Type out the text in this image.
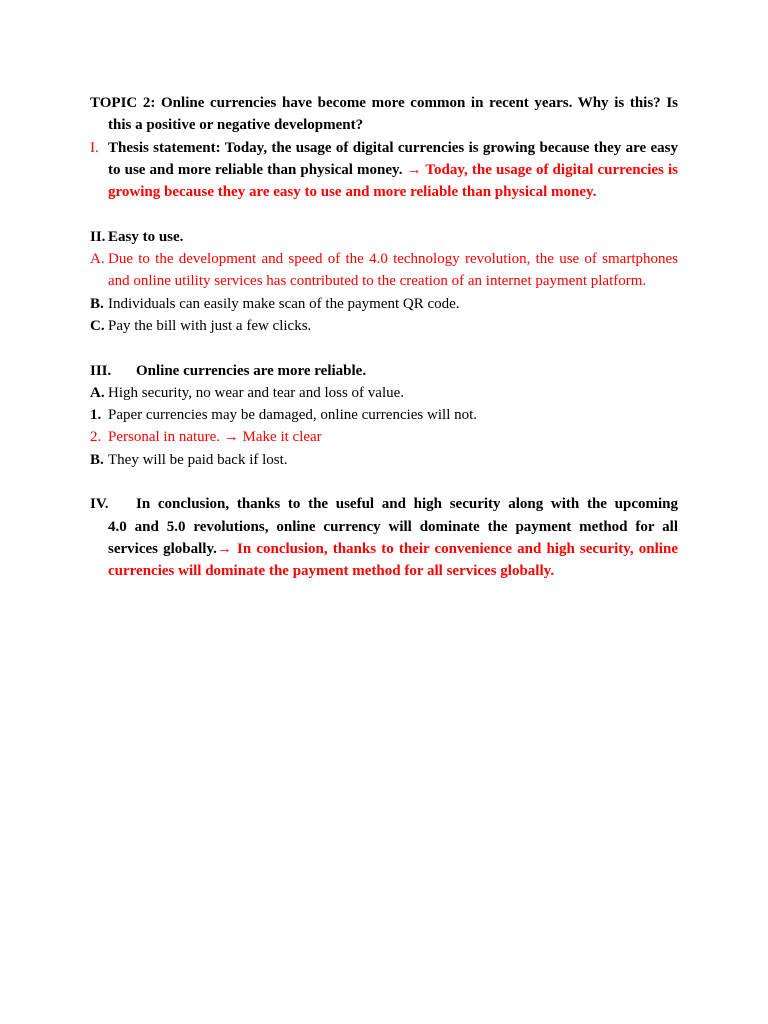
TOPIC 2: Online currencies have become more common in recent years. Why is this? Is this a positive or negative development?
I. Thesis statement: Today, the usage of digital currencies is growing because they are easy to use and more reliable than physical money. → Today, the usage of digital currencies is growing because they are easy to use and more reliable than physical money.
II. Easy to use.
A. Due to the development and speed of the 4.0 technology revolution, the use of smartphones and online utility services has contributed to the creation of an internet payment platform.
B. Individuals can easily make scan of the payment QR code.
C. Pay the bill with just a few clicks.
III.	Online currencies are more reliable.
A. High security, no wear and tear and loss of value.
1. Paper currencies may be damaged, online currencies will not.
2. Personal in nature. → Make it clear
B. They will be paid back if lost.
IV.	In conclusion, thanks to the useful and high security along with the upcoming
4.0 and 5.0 revolutions, online currency will dominate the payment method for all services globally.→ In conclusion, thanks to their convenience and high security, online currencies will dominate the payment method for all services globally.
